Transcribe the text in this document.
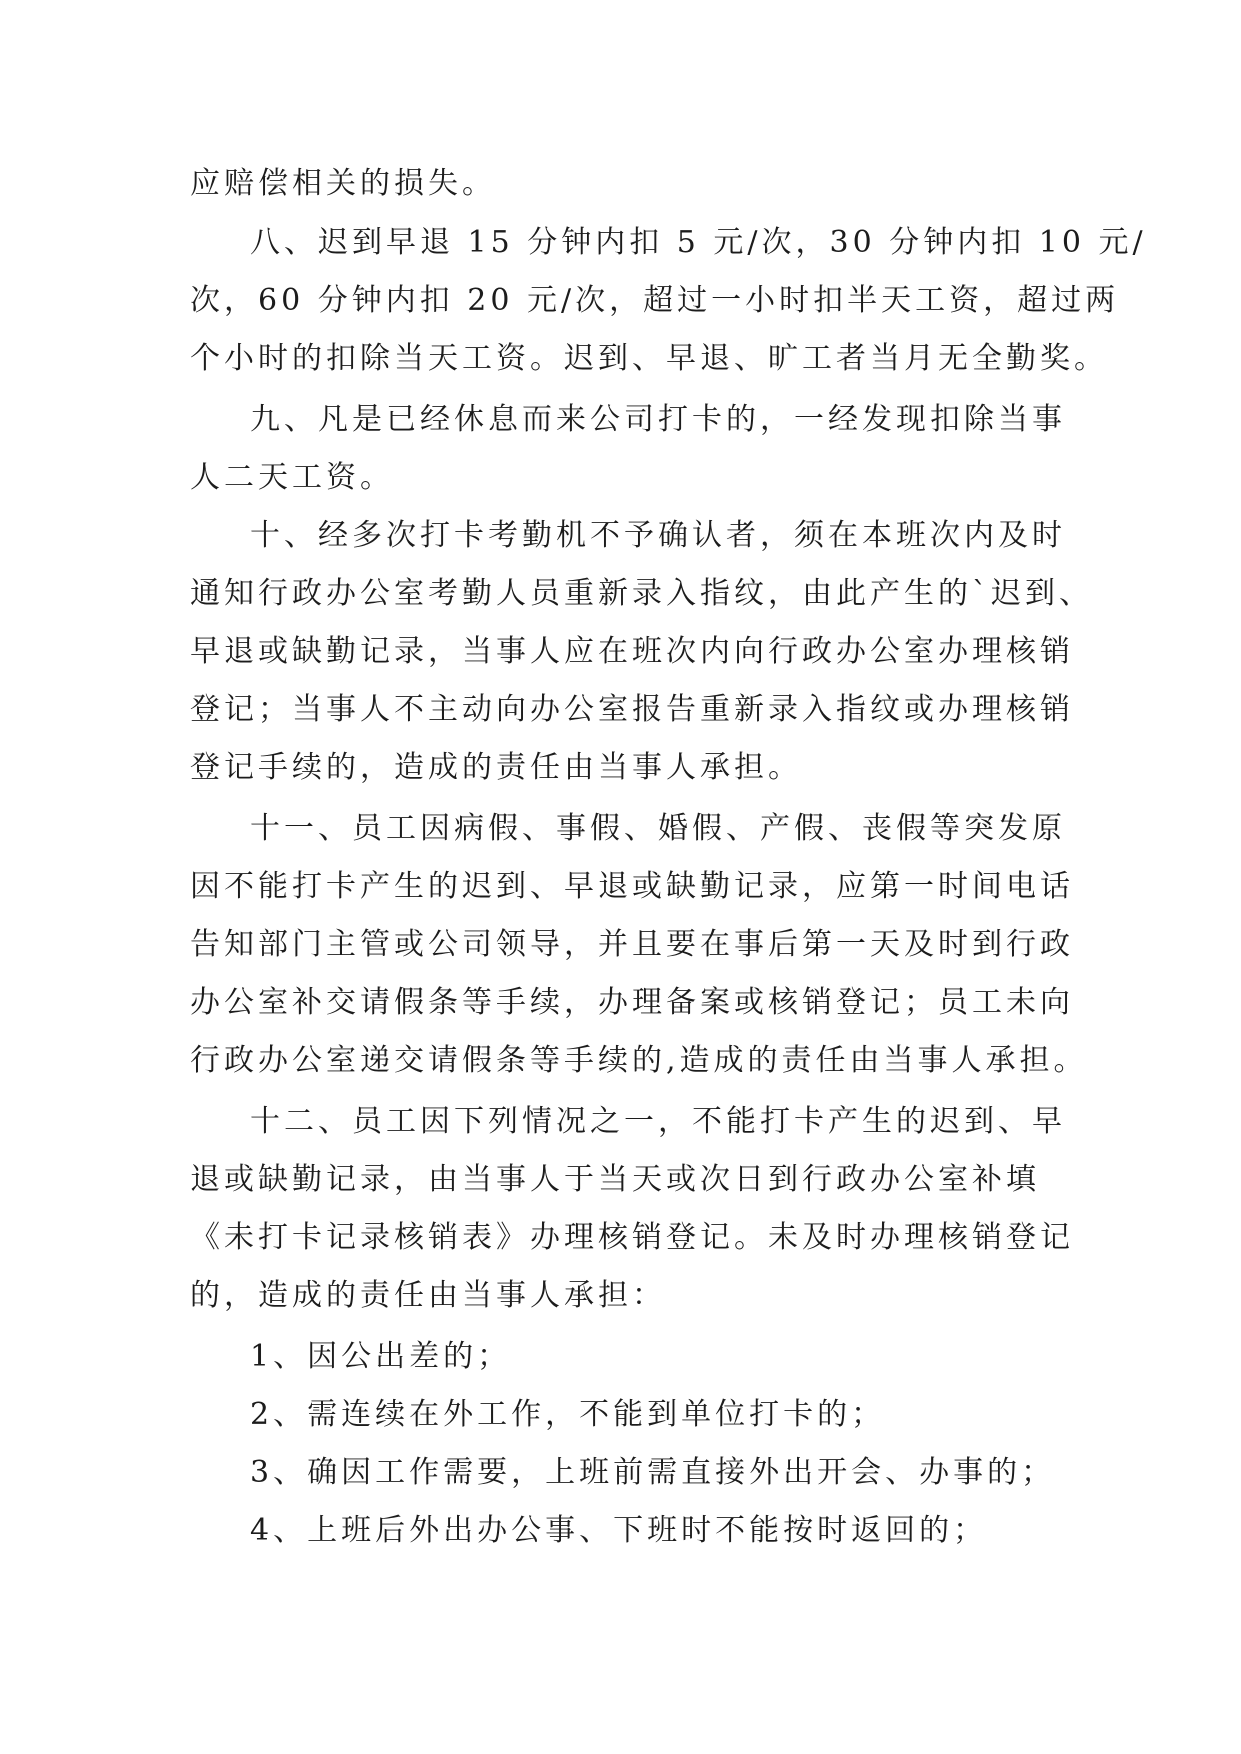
应赔偿相关的损失。
八、迟到早退 15 分钟内扣 5 元/次，30 分钟内扣 10 元/
次，60 分钟内扣 20 元/次，超过一小时扣半天工资，超过两
个小时的扣除当天工资。迟到、早退、旷工者当月无全勤奖。
九、凡是已经休息而来公司打卡的，一经发现扣除当事
人二天工资。
十、经多次打卡考勤机不予确认者，须在本班次内及时
通知行政办公室考勤人员重新录入指纹，由此产生的`迟到、
早退或缺勤记录，当事人应在班次内向行政办公室办理核销
登记；当事人不主动向办公室报告重新录入指纹或办理核销
登记手续的，造成的责任由当事人承担。
十一、员工因病假、事假、婚假、产假、丧假等突发原
因不能打卡产生的迟到、早退或缺勤记录，应第一时间电话
告知部门主管或公司领导，并且要在事后第一天及时到行政
办公室补交请假条等手续，办理备案或核销登记；员工未向
行政办公室递交请假条等手续的,造成的责任由当事人承担。
十二、员工因下列情况之一，不能打卡产生的迟到、早
退或缺勤记录，由当事人于当天或次日到行政办公室补填
《未打卡记录核销表》办理核销登记。未及时办理核销登记
的，造成的责任由当事人承担：
1、因公出差的；
2、需连续在外工作，不能到单位打卡的；
3、确因工作需要，上班前需直接外出开会、办事的；
4、上班后外出办公事、下班时不能按时返回的；
